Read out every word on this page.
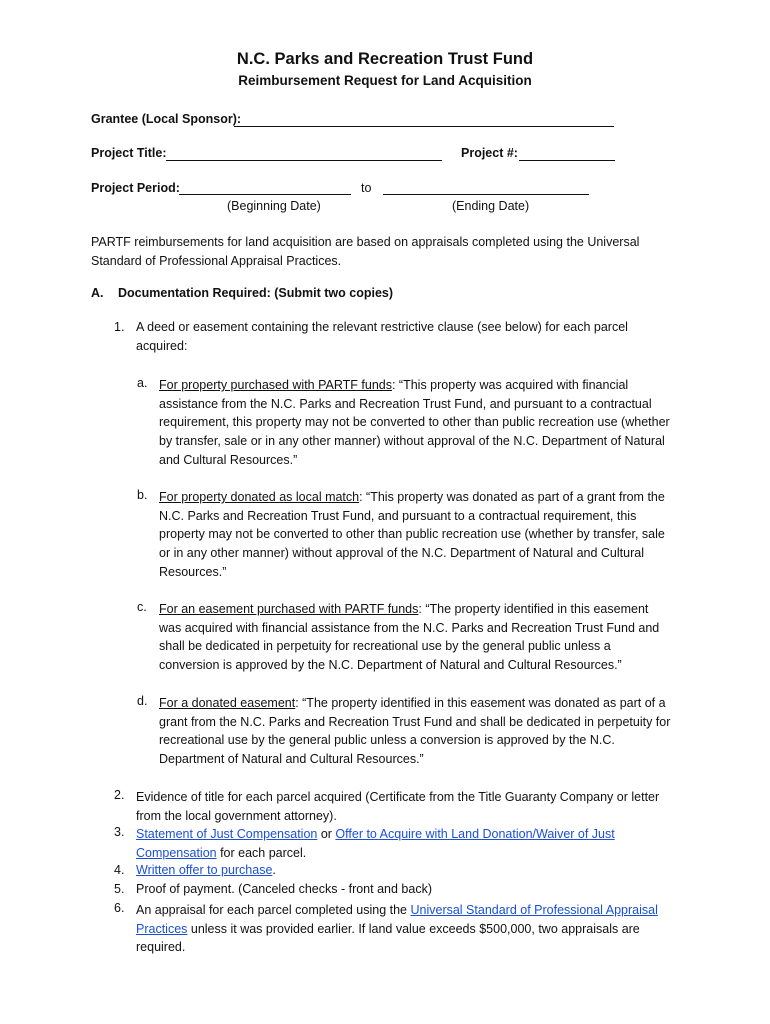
N.C. Parks and Recreation Trust Fund
Reimbursement Request for Land Acquisition
Grantee (Local Sponsor):
Project Title:	Project #:
Project Period:	to
(Beginning Date)	(Ending Date)
PARTF reimbursements for land acquisition are based on appraisals completed using the Universal Standard of Professional Appraisal Practices.
A. Documentation Required: (Submit two copies)
1. A deed or easement containing the relevant restrictive clause (see below) for each parcel
acquired:
a. For property purchased with PARTF funds: “This property was acquired with financial assistance from the N.C. Parks and Recreation Trust Fund, and pursuant to a contractual requirement, this property may not be converted to other than public recreation use (whether by transfer, sale or in any other manner) without approval of the N.C. Department of Natural and Cultural Resources.”
b. For property donated as local match: “This property was donated as part of a grant from the N.C. Parks and Recreation Trust Fund, and pursuant to a contractual requirement, this property may not be converted to other than public recreation use (whether by transfer, sale or in any other manner) without approval of the N.C. Department of Natural and Cultural Resources.”
c. For an easement purchased with PARTF funds: “The property identified in this easement was acquired with financial assistance from the N.C. Parks and Recreation Trust Fund and shall be dedicated in perpetuity for recreational use by the general public unless a conversion is approved by the N.C. Department of Natural and Cultural Resources.”
d. For a donated easement: “The property identified in this easement was donated as part of a grant from the N.C. Parks and Recreation Trust Fund and shall be dedicated in perpetuity for recreational use by the general public unless a conversion is approved by the N.C. Department of Natural and Cultural Resources.”
2. Evidence of title for each parcel acquired (Certificate from the Title Guaranty Company or letter from the local government attorney).
3. Statement of Just Compensation or Offer to Acquire with Land Donation/Waiver of Just Compensation for each parcel.
4. Written offer to purchase.
5. Proof of payment. (Canceled checks - front and back)
6. An appraisal for each parcel completed using the Universal Standard of Professional Appraisal Practices unless it was provided earlier. If land value exceeds $500,000, two appraisals are required.
